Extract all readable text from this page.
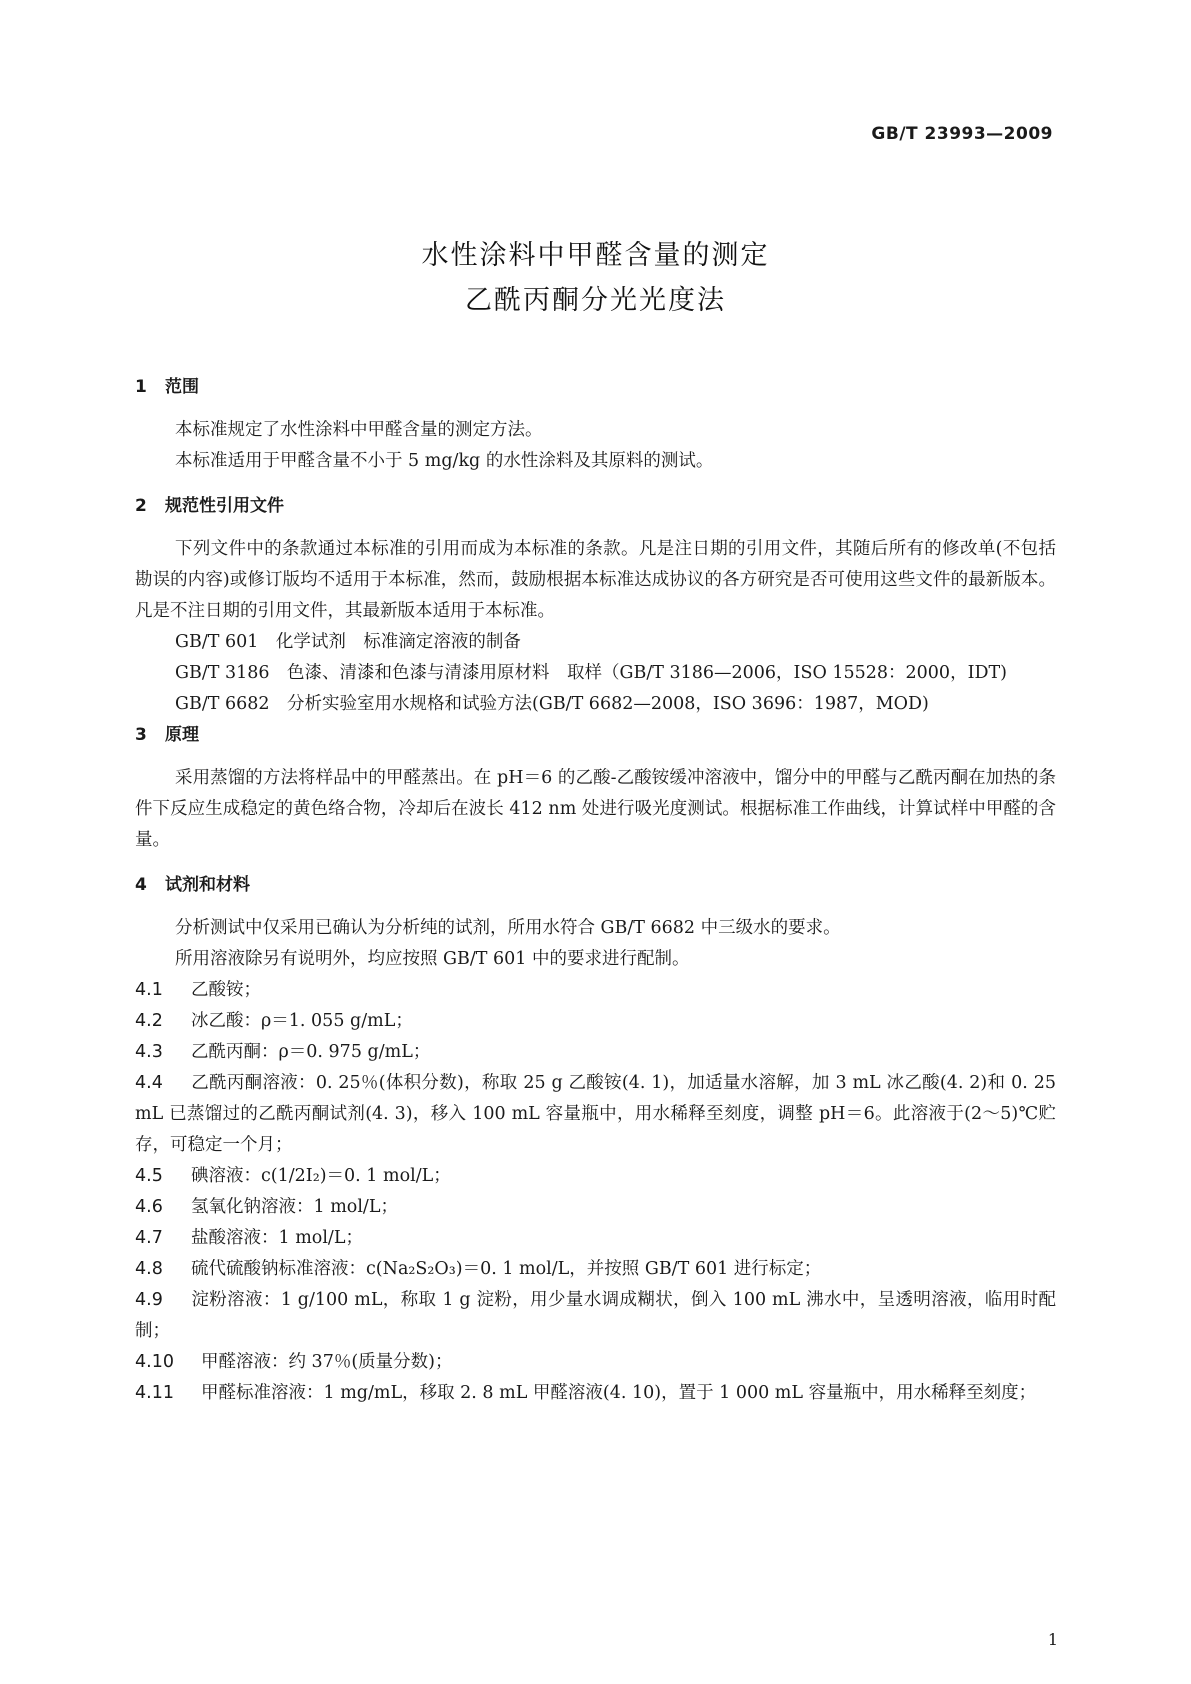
GB/T 23993—2009
水性涂料中甲醛含量的测定
乙酰丙酮分光光度法
1 范围

本标准规定了水性涂料中甲醛含量的测定方法。

本标准适用于甲醛含量不小于 5 mg/kg 的水性涂料及其原料的测试。

2 规范性引用文件

下列文件中的条款通过本标准的引用而成为本标准的条款。凡是注日期的引用文件，其随后所有的修改单(不包括勘误的内容)或修订版均不适用于本标准，然而，鼓励根据本标准达成协议的各方研究是否可使用这些文件的最新版本。凡是不注日期的引用文件，其最新版本适用于本标准。

GB/T 601　化学试剂　标准滴定溶液的制备

GB/T 3186　色漆、清漆和色漆与清漆用原材料　取样（GB/T 3186—2006，ISO 15528：2000，IDT)

GB/T 6682　分析实验室用水规格和试验方法(GB/T 6682—2008，ISO 3696：1987，MOD)

3 原理

采用蒸馏的方法将样品中的甲醛蒸出。在 pH＝6 的乙酸-乙酸铵缓冲溶液中，馏分中的甲醛与乙酰丙酮在加热的条件下反应生成稳定的黄色络合物，冷却后在波长 412 nm 处进行吸光度测试。根据标准工作曲线，计算试样中甲醛的含量。

4 试剂和材料

分析测试中仅采用已确认为分析纯的试剂，所用水符合 GB/T 6682 中三级水的要求。

所用溶液除另有说明外，均应按照 GB/T 601 中的要求进行配制。

4.1 乙酸铵；

4.2 冰乙酸：ρ＝1. 055 g/mL；

4.3 乙酰丙酮：ρ＝0. 975 g/mL；

4.4 乙酰丙酮溶液：0. 25％(体积分数)，称取 25 g 乙酸铵(4. 1)，加适量水溶解，加 3 mL 冰乙酸(4. 2)和 0. 25 mL 已蒸馏过的乙酰丙酮试剂(4. 3)，移入 100 mL 容量瓶中，用水稀释至刻度，调整 pH＝6。此溶液于(2～5)℃贮存，可稳定一个月；

4.5 碘溶液：c(1/2I₂)＝0. 1 mol/L；

4.6 氢氧化钠溶液：1 mol/L；

4.7 盐酸溶液：1 mol/L；

4.8 硫代硫酸钠标准溶液：c(Na₂S₂O₃)＝0. 1 mol/L，并按照 GB/T 601 进行标定；

4.9 淀粉溶液：1 g/100 mL，称取 1 g 淀粉，用少量水调成糊状，倒入 100 mL 沸水中，呈透明溶液，临用时配制；

4.10 甲醛溶液：约 37％(质量分数)；

4.11 甲醛标准溶液：1 mg/mL，移取 2. 8 mL 甲醛溶液(4. 10)，置于 1 000 mL 容量瓶中，用水稀释至刻度；

1
